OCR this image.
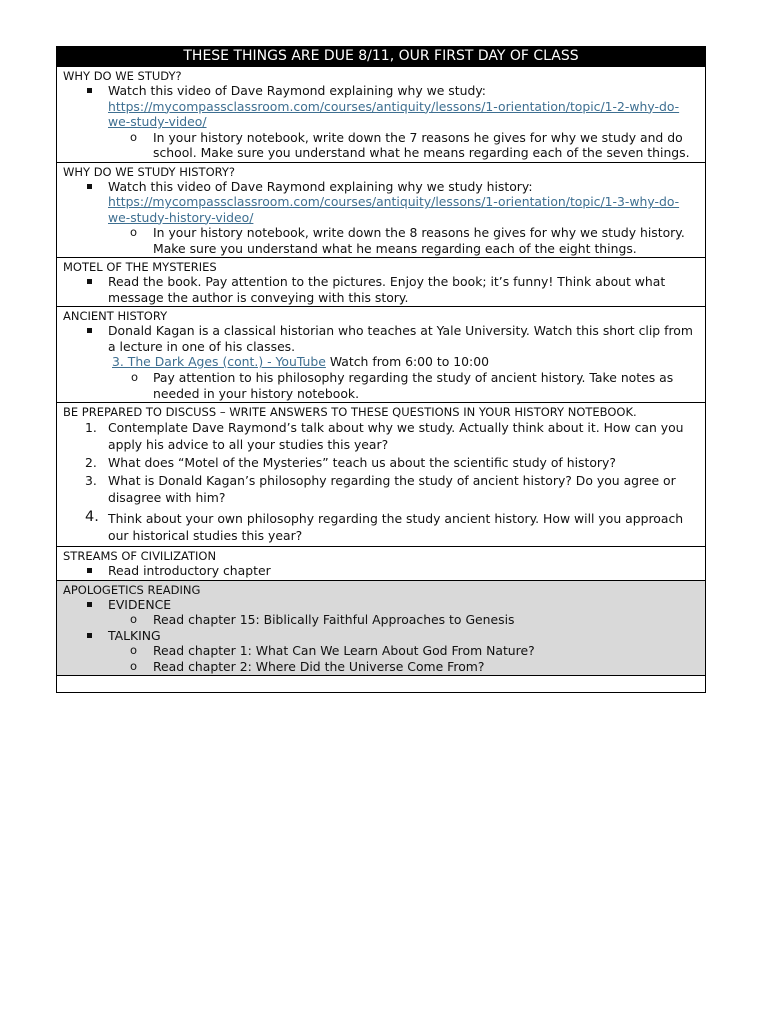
THESE THINGS ARE DUE 8/11, OUR FIRST DAY OF CLASS

WHY DO WE STUDY?
Watch this video of Dave Raymond explaining why we study:
https://mycompassclassroom.com/courses/antiquity/lessons/1-orientation/topic/1-2-why-do-we-study-video/
o In your history notebook, write down the 7 reasons he gives for why we study and do school. Make sure you understand what he means regarding each of the seven things.

WHY DO WE STUDY HISTORY?
Watch this video of Dave Raymond explaining why we study history:
https://mycompassclassroom.com/courses/antiquity/lessons/1-orientation/topic/1-3-why-do-we-study-history-video/
o In your history notebook, write down the 8 reasons he gives for why we study history. Make sure you understand what he means regarding each of the eight things.

MOTEL OF THE MYSTERIES
Read the book. Pay attention to the pictures. Enjoy the book; it’s funny! Think about what message the author is conveying with this story.

ANCIENT HISTORY
Donald Kagan is a classical historian who teaches at Yale University. Watch this short clip from a lecture in one of his classes.
3. The Dark Ages (cont.) - YouTube Watch from 6:00 to 10:00
o Pay attention to his philosophy regarding the study of ancient history. Take notes as needed in your history notebook.

BE PREPARED TO DISCUSS – WRITE ANSWERS TO THESE QUESTIONS IN YOUR HISTORY NOTEBOOK.
1. Contemplate Dave Raymond’s talk about why we study. Actually think about it. How can you apply his advice to all your studies this year?
2. What does “Motel of the Mysteries” teach us about the scientific study of history?
3. What is Donald Kagan’s philosophy regarding the study of ancient history? Do you agree or disagree with him?
4. Think about your own philosophy regarding the study ancient history. How will you approach our historical studies this year?

STREAMS OF CIVILIZATION
Read introductory chapter

APOLOGETICS READING
EVIDENCE
o Read chapter 15: Biblically Faithful Approaches to Genesis
TALKING
o Read chapter 1: What Can We Learn About God From Nature?
o Read chapter 2: Where Did the Universe Come From?
